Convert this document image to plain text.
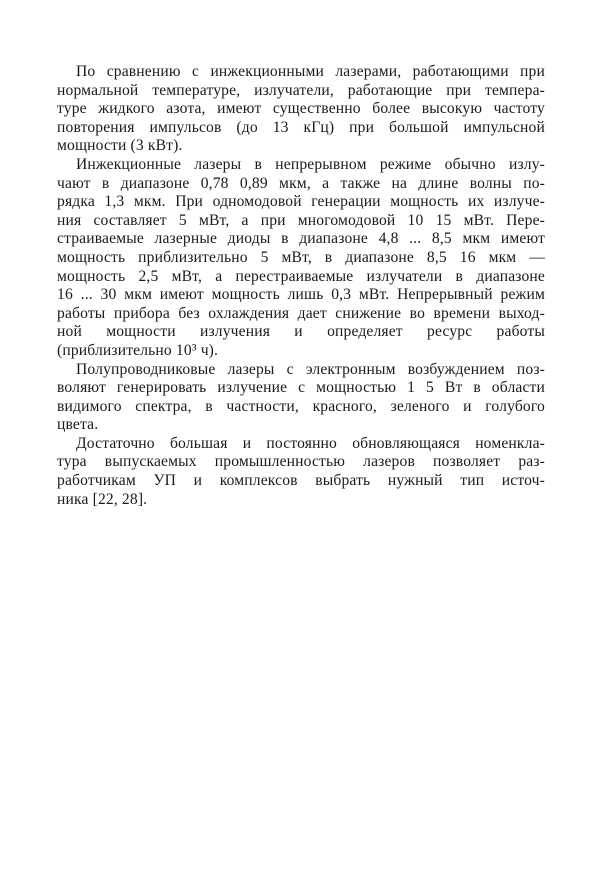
По сравнению с инжекционными лазерами, работающими при
нормальной температуре, излучатели, работающие при темпера-
туре жидкого азота, имеют существенно более высокую частоту
повторения импульсов (до 13 кГц) при большой импульсной
мощности (3 кВт).

Инжекционные лазеры в непрерывном режиме обычно излу-
чают в диапазоне 0,78 0,89 мкм, а также на длине волны по-
рядка 1,3 мкм. При одномодовой генерации мощность их излуче-
ния составляет 5 мВт, а при многомодовой 10 15 мВт. Пере-
страиваемые лазерные диоды в диапазоне 4,8 ... 8,5 мкм имеют
мощность приблизительно 5 мВт, в диапазоне 8,5 16 мкм —
мощность 2,5 мВт, а перестраиваемые излучатели в диапазоне
16 ... 30 мкм имеют мощность лишь 0,3 мВт. Непрерывный режим
работы прибора без охлаждения дает снижение во времени выход-
ной мощности излучения и определяет ресурс работы
(приблизительно 10³ ч).

Полупроводниковые лазеры с электронным возбуждением поз-
воляют генерировать излучение с мощностью 1 5 Вт в области
видимого спектра, в частности, красного, зеленого и голубого
цвета.

Достаточно большая и постоянно обновляющаяся номенкла-
тура выпускаемых промышленностью лазеров позволяет раз-
работчикам УП и комплексов выбрать нужный тип источ-
ника [22, 28].
